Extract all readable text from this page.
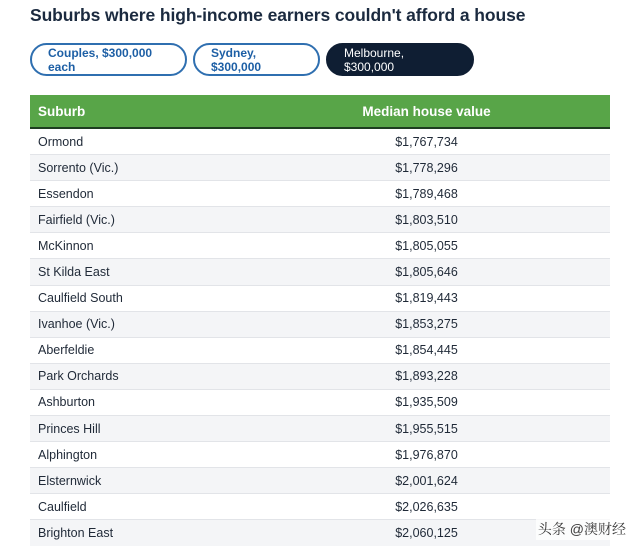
Suburbs where high-income earners couldn't afford a house
Couples, $300,000 each
Sydney, $300,000
Melbourne, $300,000
Suburb	Median house value
Ormond	$1,767,734
Sorrento (Vic.)	$1,778,296
Essendon	$1,789,468
Fairfield (Vic.)	$1,803,510
McKinnon	$1,805,055
St Kilda East	$1,805,646
Caulfield South	$1,819,443
Ivanhoe (Vic.)	$1,853,275
Aberfeldie	$1,854,445
Park Orchards	$1,893,228
Ashburton	$1,935,509
Princes Hill	$1,955,515
Alphington	$1,976,870
Elsternwick	$2,001,624
Caulfield	$2,026,635
Brighton East	$2,060,125	头条 @澳财经
